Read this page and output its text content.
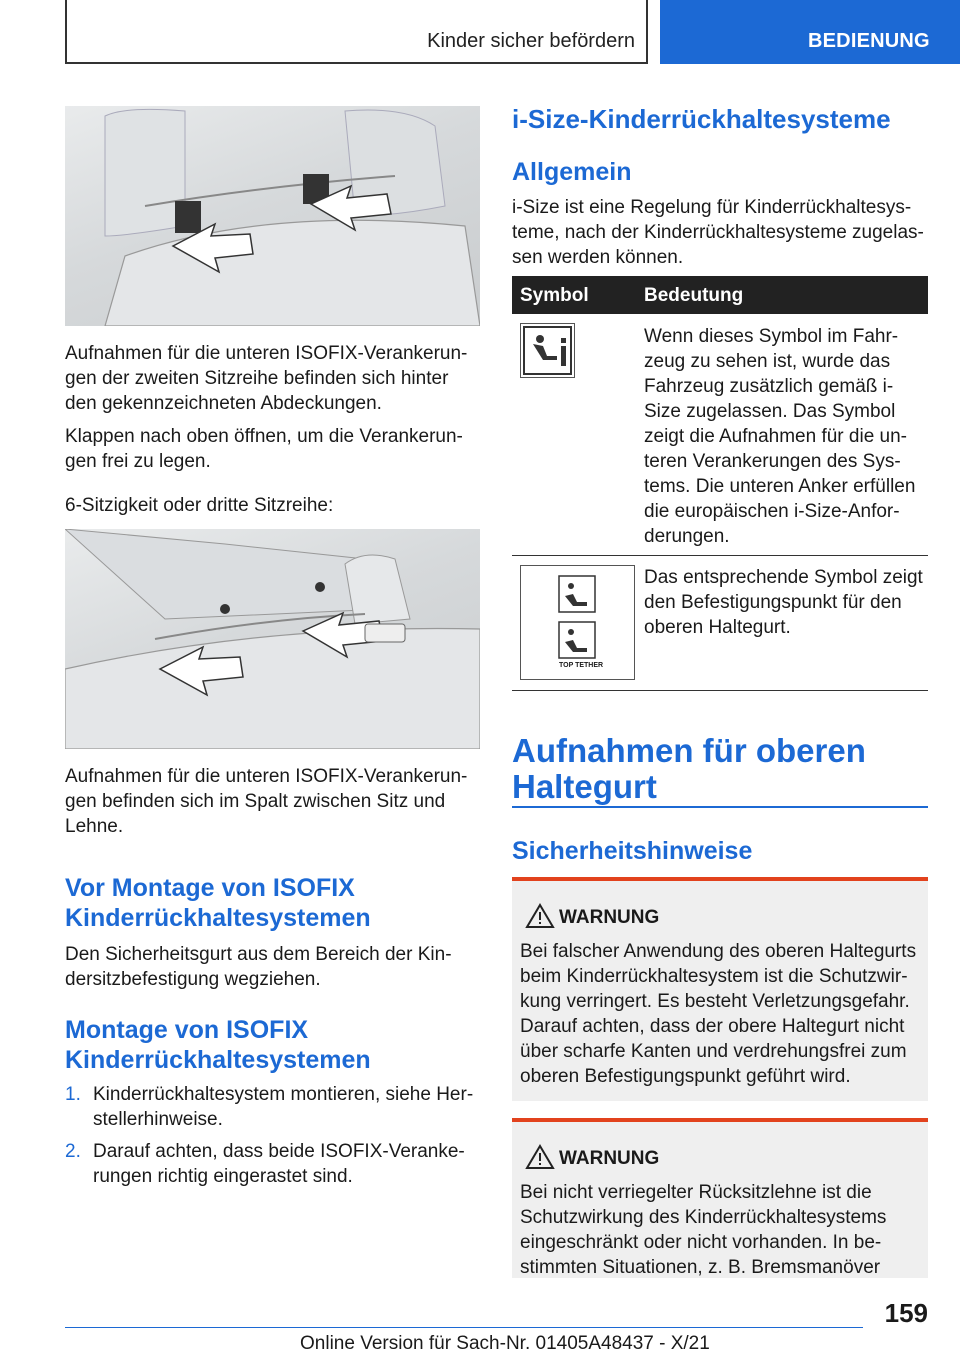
Kinder sicher befördern	BEDIENUNG

Aufnahmen für die unteren ISOFIX-Verankerun-gen der zweiten Sitzreihe befinden sich hinter den gekennzeichneten Abdeckungen.

Klappen nach oben öffnen, um die Verankerun-gen frei zu legen.

6-Sitzigkeit oder dritte Sitzreihe:

Aufnahmen für die unteren ISOFIX-Verankerun-gen befinden sich im Spalt zwischen Sitz und Lehne.

Vor Montage von ISOFIX Kinderrückhaltesystemen

Den Sicherheitsgurt aus dem Bereich der Kin-dersitzbefestigung wegziehen.

Montage von ISOFIX Kinderrückhaltesystemen
1. Kinderrückhaltesystem montieren, siehe Her-stellerhinweise.

2. Darauf achten, dass beide ISOFIX-Veranke-rungen richtig eingerastet sind.

i-Size-Kinderrückhaltesysteme
Allgemein

i-Size ist eine Regelung für Kinderrückhaltesys-teme, nach der Kinderrückhaltesysteme zugelas-sen werden können.

Symbol	Bedeutung

Wenn dieses Symbol im Fahr-zeug zu sehen ist, wurde das Fahrzeug zusätzlich gemäß i-Size zugelassen. Das Symbol zeigt die Aufnahmen für die un-teren Verankerungen des Sys-tems. Die unteren Anker erfüllen die europäischen i-Size-Anfor-derungen.

TOP TETHER

Das entsprechende Symbol zeigt den Befestigungspunkt für den oberen Haltegurt.

Aufnahmen für oberen Haltegurt
Sicherheitshinweise
WARNUNG

Bei falscher Anwendung des oberen Haltegurts beim Kinderrückhaltesystem ist die Schutzwir-kung verringert. Es besteht Verletzungsgefahr. Darauf achten, dass der obere Haltegurt nicht über scharfe Kanten und verdrehungsfrei zum oberen Befestigungspunkt geführt wird.

WARNUNG

Bei nicht verriegelter Rücksitzlehne ist die Schutzwirkung des Kinderrückhaltesystems eingeschränkt oder nicht vorhanden. In be-stimmten Situationen, z. B. Bremsmanöver

159
Online Version für Sach-Nr. 01405A48437 - X/21
